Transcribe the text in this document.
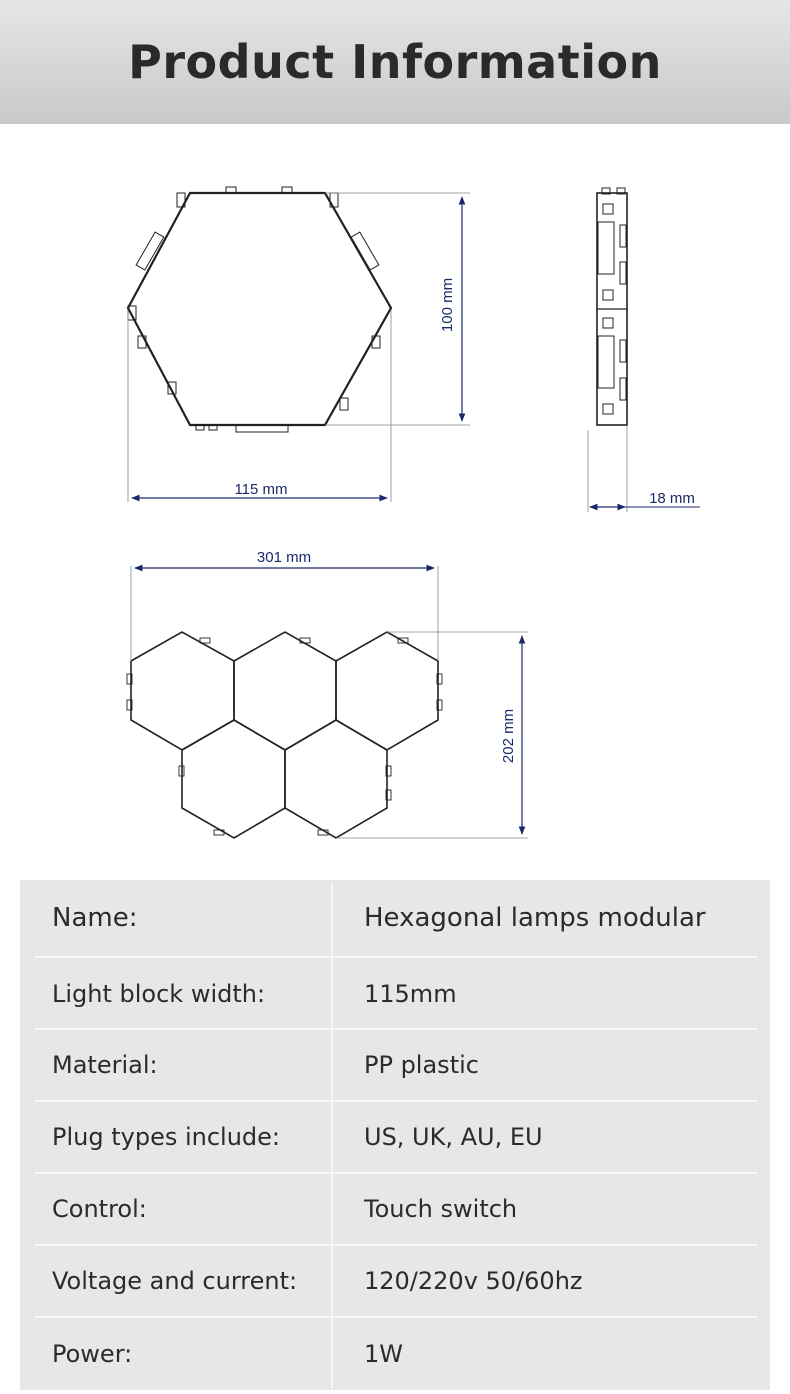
Product Information
100 mm
115 mm
18 mm
301 mm
202 mm
Name:	Hexagonal lamps modular
Light block width:	115mm
Material:	PP plastic
Plug types include:	US, UK, AU, EU
Control:	Touch switch
Voltage and current:	120/220v 50/60hz
Power:	1W
